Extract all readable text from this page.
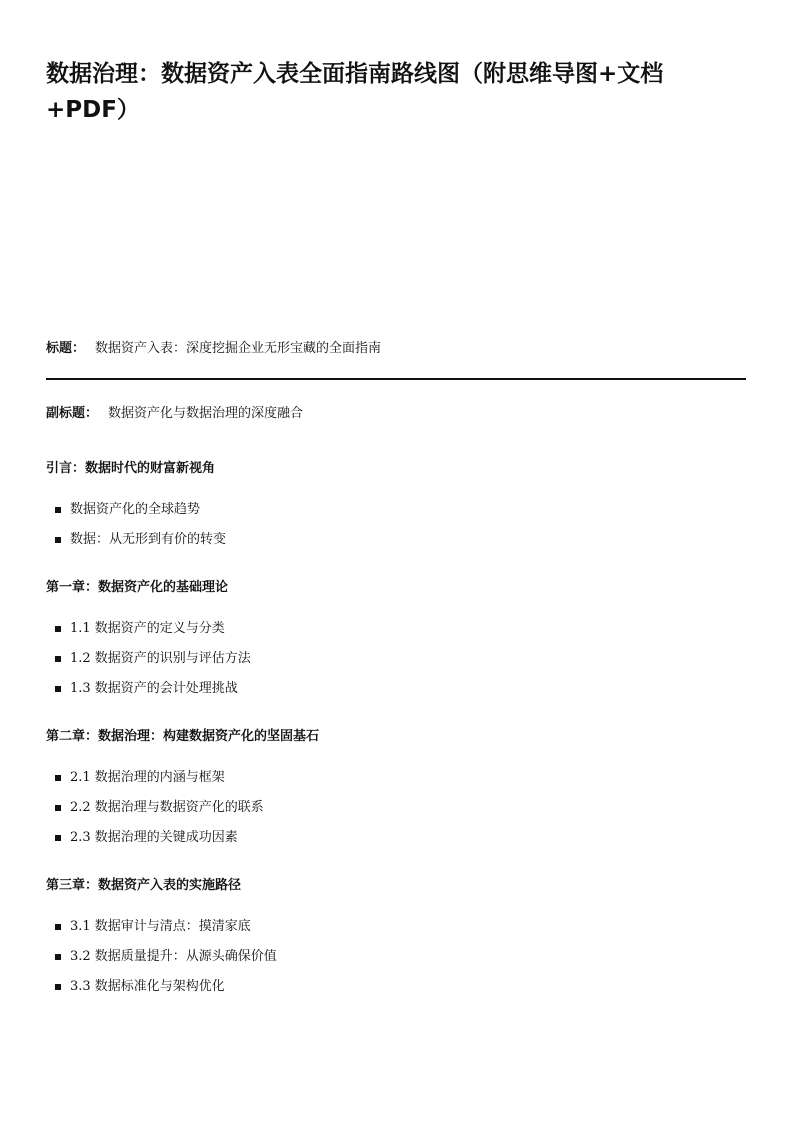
数据治理：数据资产入表全面指南路线图（附思维导图+文档+PDF）

标题： 数据资产入表：深度挖掘企业无形宝藏的全面指南

副标题： 数据资产化与数据治理的深度融合

引言：数据时代的财富新视角
数据资产化的全球趋势
数据：从无形到有价的转变
第一章：数据资产化的基础理论
1.1 数据资产的定义与分类
1.2 数据资产的识别与评估方法
1.3 数据资产的会计处理挑战
第二章：数据治理：构建数据资产化的坚固基石
2.1 数据治理的内涵与框架
2.2 数据治理与数据资产化的联系
2.3 数据治理的关键成功因素
第三章：数据资产入表的实施路径
3.1 数据审计与清点：摸清家底
3.2 数据质量提升：从源头确保价值
3.3 数据标准化与架构优化
